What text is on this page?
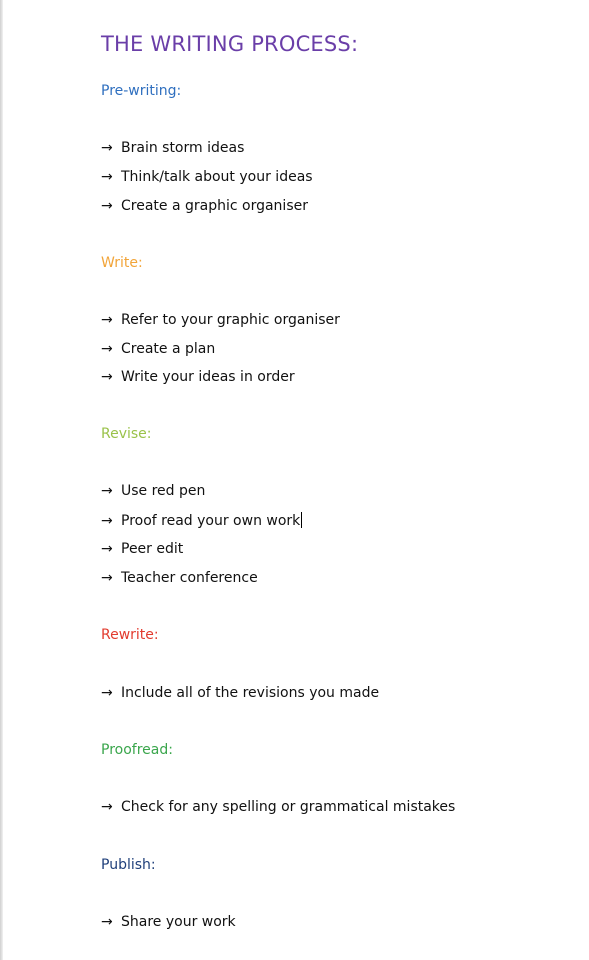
THE WRITING PROCESS:
Pre-writing:
→ Brain storm ideas
→ Think/talk about your ideas
→ Create a graphic organiser
Write:
→ Refer to your graphic organiser
→ Create a plan
→ Write your ideas in order
Revise:
→ Use red pen
→ Proof read your own work
→ Peer edit
→ Teacher conference
Rewrite:
→ Include all of the revisions you made
Proofread:
→ Check for any spelling or grammatical mistakes
Publish:
→ Share your work
